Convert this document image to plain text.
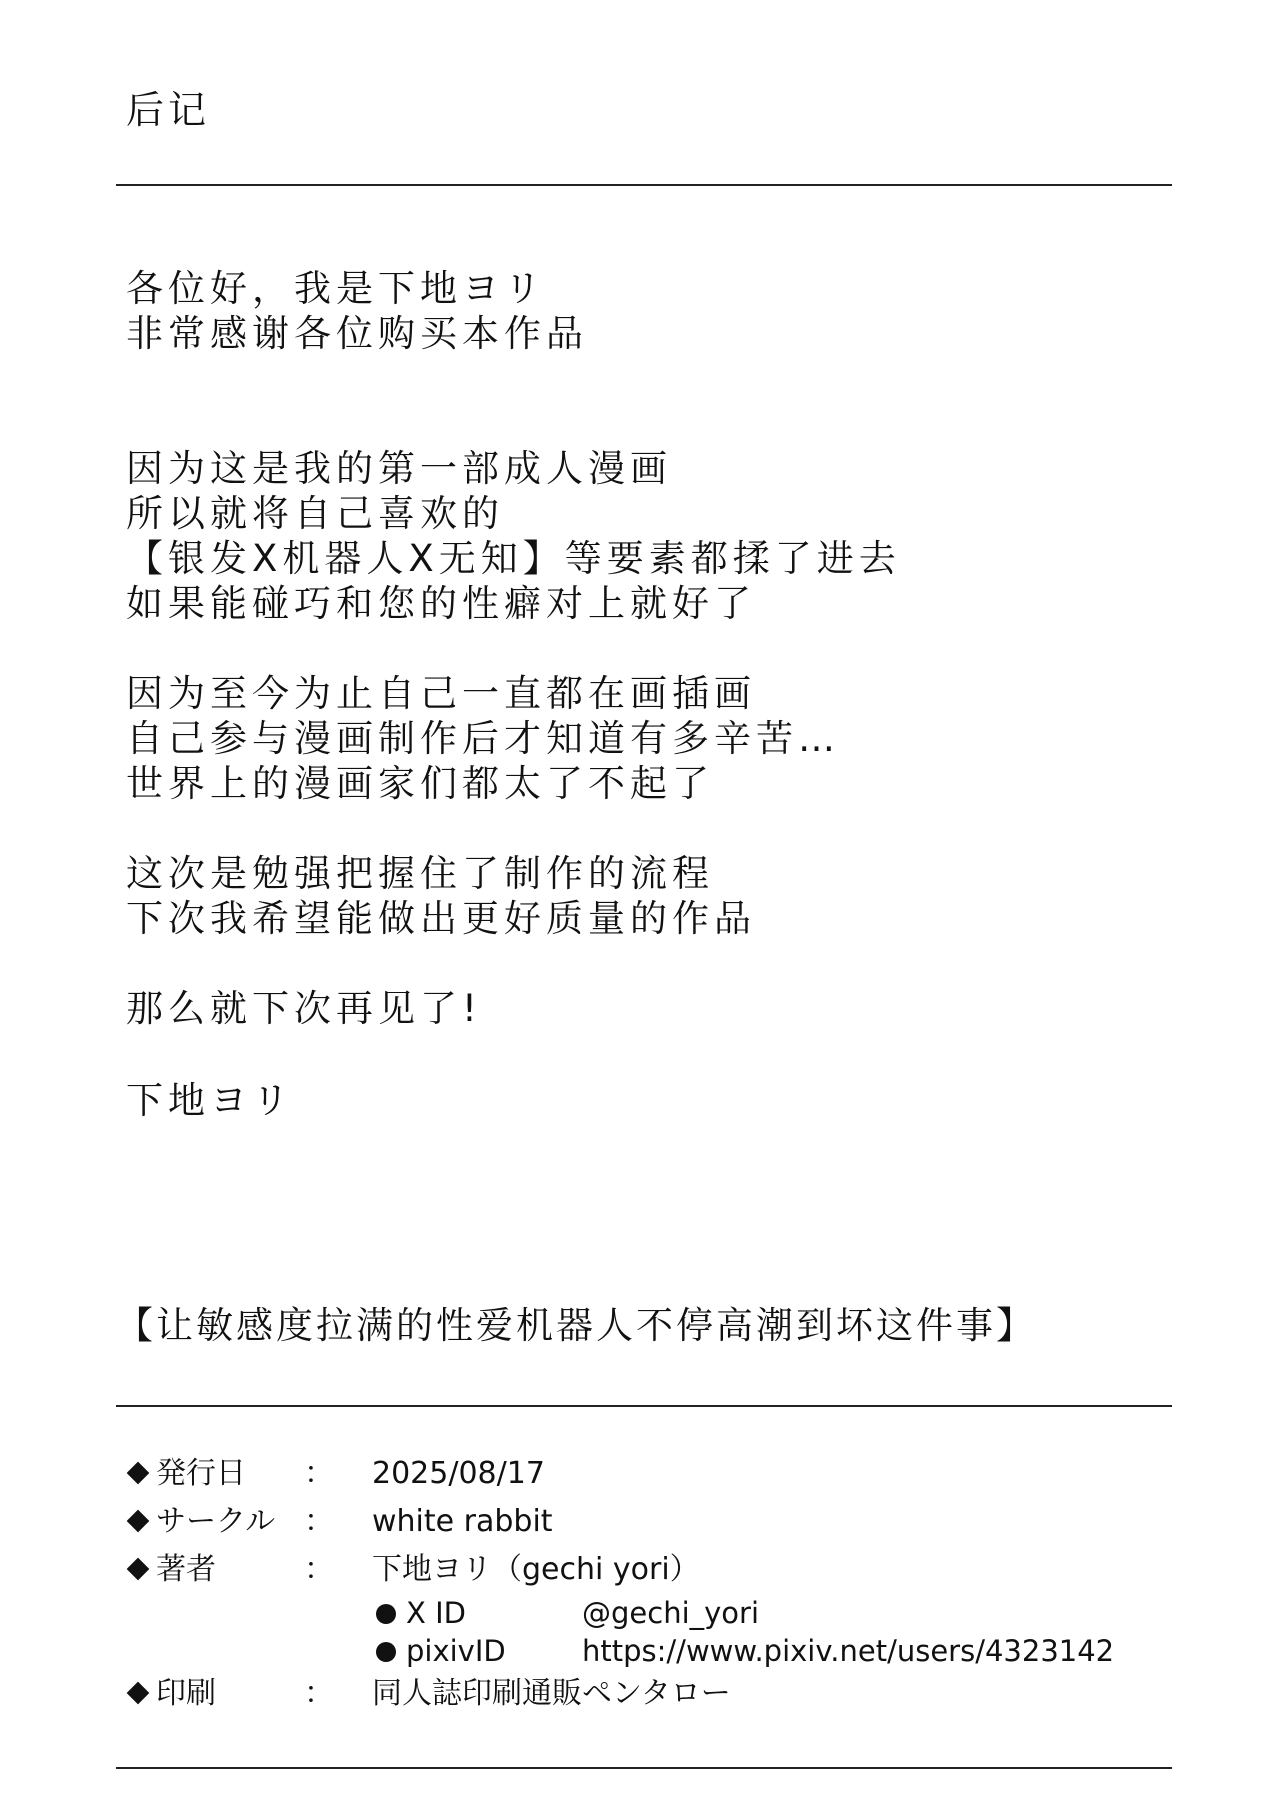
后记
各位好，我是下地ヨリ
非常感谢各位购买本作品
因为这是我的第一部成人漫画
所以就将自己喜欢的
【银发X机器人X无知】等要素都揉了进去
如果能碰巧和您的性癖对上就好了
因为至今为止自己一直都在画插画
自己参与漫画制作后才知道有多辛苦…
世界上的漫画家们都太了不起了
这次是勉强把握住了制作的流程
下次我希望能做出更好质量的作品
那么就下次再见了!
下地ヨリ
【让敏感度拉满的性爱机器人不停高潮到坏这件事】
発行日 ： 2025/08/17
サークル ： white rabbit
著者	： 下地ヨリ（gechi yori）
X ID	@gechi_yori
pixivID	https://www.pixiv.net/users/4323142
印刷	： 同人誌印刷通販ペンタロー
